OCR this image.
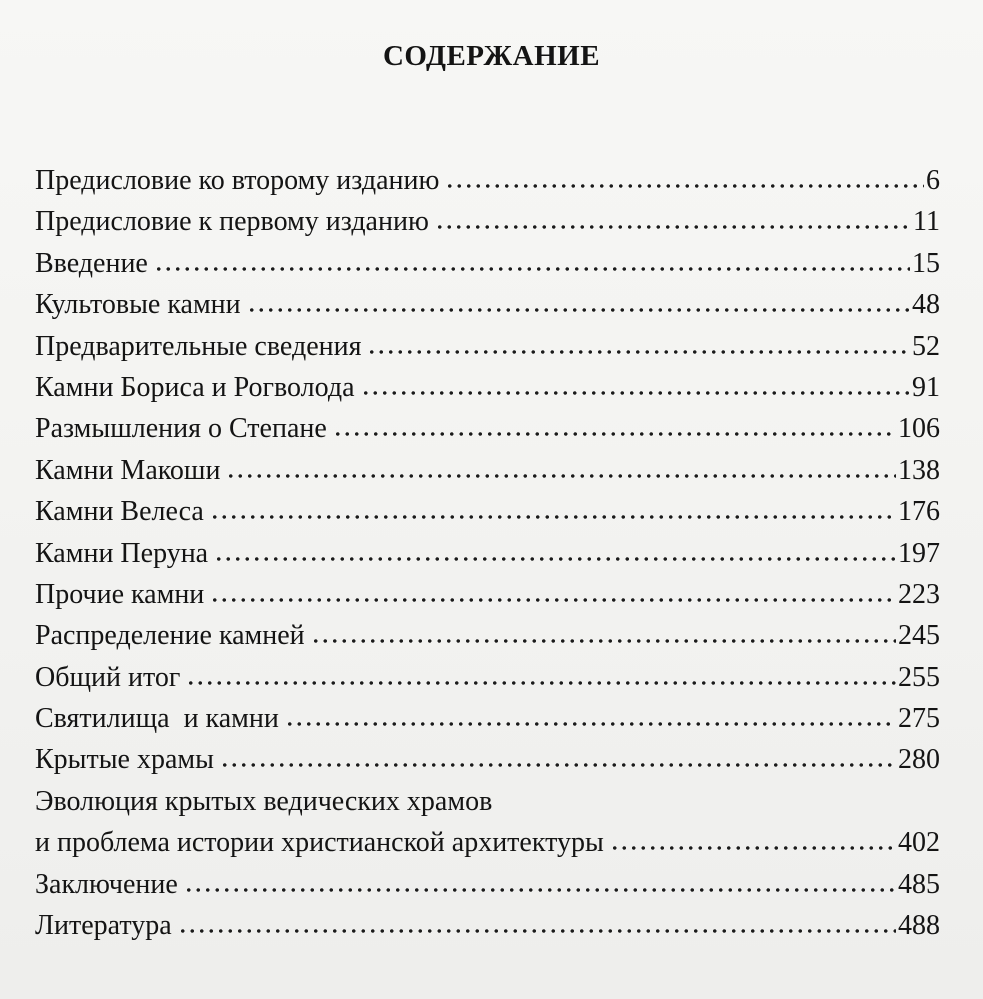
СОДЕРЖАНИЕ
Предисловие ко второму изданию	6
Предисловие к первому изданию	11
Введение	15
Культовые камни	48
Предварительные сведения	52
Камни Бориса и Рогволода	91
Размышления о Степане	106
Камни Макоши	138
Камни Велеса	176
Камни Перуна	197
Прочие камни	223
Распределение камней	245
Общий итог	255
Святилища  и камни	275
Крытые храмы	280
Эволюция крытых ведических храмов
и проблема истории христианской архитектуры	402
Заключение	485
Литература	488
